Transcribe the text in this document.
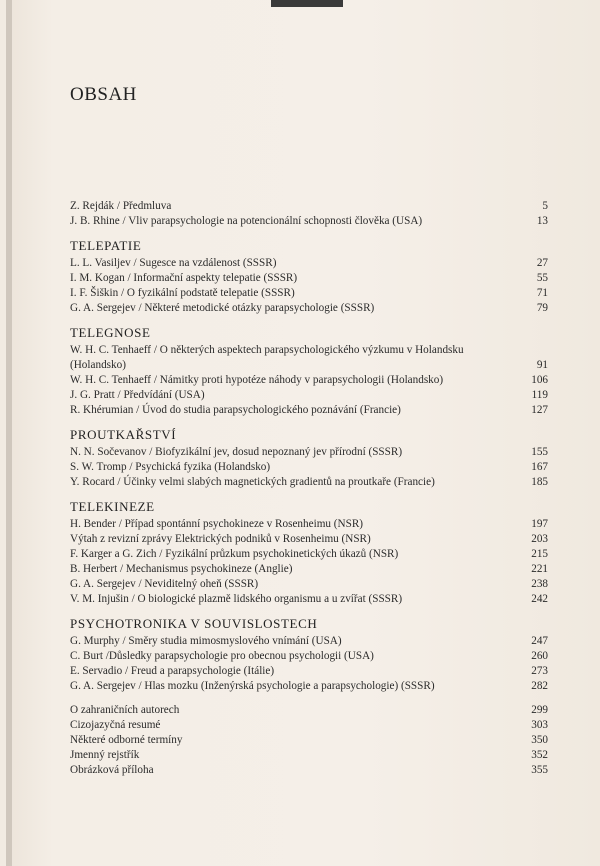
OBSAH
Z. Rejdák / Předmluva	5
J. B. Rhine / Vliv parapsychologie na potencionální schopnosti člověka (USA)	13
TELEPATIE
L. L. Vasiljev / Sugesce na vzdálenost (SSSR)	27
I. M. Kogan / Informační aspekty telepatie (SSSR)	55
I. F. Šiškin / O fyzikální podstatě telepatie (SSSR)	71
G. A. Sergejev / Některé metodické otázky parapsychologie (SSSR)	79
TELEGNOSE
W. H. C. Tenhaeff / O některých aspektech parapsychologického výzkumu v Holandsku (Holandsko)	91
W. H. C. Tenhaeff / Námitky proti hypotéze náhody v parapsychologii (Holandsko)	106
J. G. Pratt / Předvídání (USA)	119
R. Khérumian / Úvod do studia parapsychologického poznávání (Francie)	127
PROUTKAŘSTVÍ
N. N. Sočevanov / Biofyzikální jev, dosud nepoznaný jev přírodní (SSSR)	155
S. W. Tromp / Psychická fyzika (Holandsko)	167
Y. Rocard / Účinky velmi slabých magnetických gradientů na proutkaře (Francie)	185
TELEKINEZE
H. Bender / Případ spontánní psychokineze v Rosenheimu (NSR)	197
Výtah z revizní zprávy Elektrických podniků v Rosenheimu (NSR)	203
F. Karger a G. Zich / Fyzikální průzkum psychokinetických úkazů (NSR)	215
B. Herbert / Mechanismus psychokineze (Anglie)	221
G. A. Sergejev / Neviditelný oheň (SSSR)	238
V. M. Injušin / O biologické plazmě lidského organismu a u zvířat (SSSR)	242
PSYCHOTRONIKA V SOUVISLOSTECH
G. Murphy / Směry studia mimosmyslového vnímání (USA)	247
C. Burt /Důsledky parapsychologie pro obecnou psychologii (USA)	260
E. Servadio / Freud a parapsychologie (Itálie)	273
G. A. Sergejev / Hlas mozku (Inženýrská psychologie a parapsychologie) (SSSR)	282
O zahraničních autorech	299
Cizojazyčná resumé	303
Některé odborné termíny	350
Jmenný rejstřík	352
Obrázková příloha	355
